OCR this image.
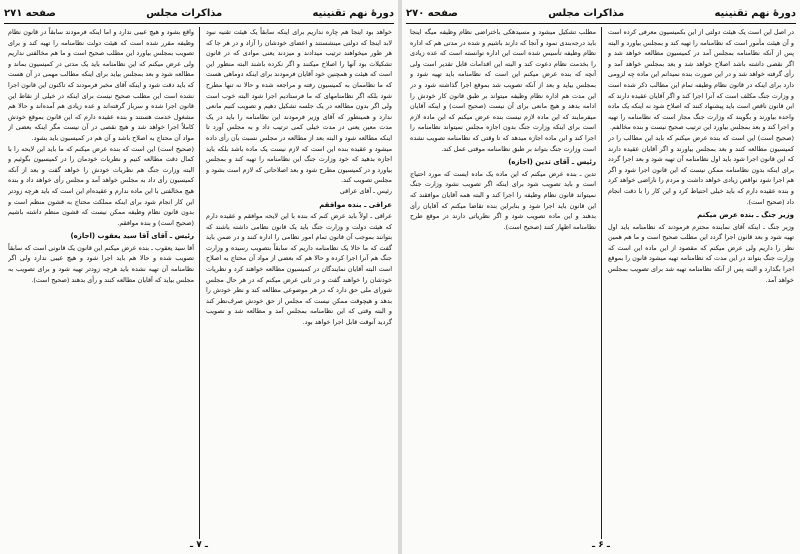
دورهٔ نهم تقنینیه
مذاکرات مجلس
صفحه ۲۷۱

خواهد بود اینجا هم چاره نداریم برای اینکه سابقاً یک هیئت تقنیه نبود لابد اینجا که دولتی مینشستند و اعضای خودشان را آزاد و در هر جا که هر طور میخواهند ترتیب میدادند و میزدند یعنی موادی که در قانون تشکیلات بود آنها را اصلاح میکنند و اگر نکرده باشند البته منظور این است که هیئت و همچنین خود آقایان فرمودند برای اینکه دوماهی هست که ما نظاممان به کمیسیون رفته و مراجعه شده و حالا نه تنها مطرح شود بلکه اگر نظامنامهای که ما فرستادیم اجرا شود البته خوب است ولی اگر بدون مطالعه در یک جلسه تشکیل دهیم و تصویب کنیم مانعی ندارد و همینطور که آقای وزیر فرمودند این نظامنامه را باید در یک مدت معین یعنی در مدت خیلی کمی ترتیب داد و به مجلس آورد تا اینکه مطالعه شود و البته بعد از مطالعه در مجلس نسبت بآن رأی داده میشود و عقیده بنده این است که لازم نیست یک ماده باشد بلکه باید اجازه بدهید که خود وزارت جنگ این نظامنامه را تهیه کند و بمجلس بیاورد و در کمیسیون مطرح شود و بعد اصلاحاتی که لازم است بشود و مجلس تصویب کند.

رئیس ـ آقای عراقی

عراقی ـ بنده موافقم

عراقی ـ اولاً باید عرض کنم که بنده با این لایحه موافقم و عقیده دارم که هیئت دولت و وزارت جنگ باید یک قانون نظامی داشته باشند که بتوانند بموجب آن قانون تمام امور نظامی را اداره کنند و در ضمن باید گفت که ما حالا یک نظامنامه داریم که سابقاً بتصویب رسیده و وزارت جنگ هم آنرا اجرا کرده و حالا هم که بعضی از مواد آن محتاج به اصلاح است البته آقایان نمایندگان در کمیسیون مطالعه خواهند کرد و نظریات خودشان را خواهند گفت و در ثانی عرض میکنم که در هر حال مجلس شورای ملی حق دارد که در هر موضوعی مطالعه کند و نظر خودش را بدهد و هیچوقت ممکن نیست که مجلس از حق خودش صرف‌نظر کند و البته وقتی که این نظامنامه بمجلس آمد و مطالعه شد و تصویب گردید آنوقت قابل اجرا خواهد بود.

واقع بشود و هیچ عیبی ندارد و اما اینکه فرمودند سابقاً در قانون نظام وظیفه مقرر شده است که هیئت دولت نظامنامه را تهیه کند و برای تصویب بمجلس بیاورد این مطلب صحیح است و ما هم مخالفتی نداریم ولی عرض میکنم که این نظامنامه باید یک مدتی در کمیسیون بماند و مطالعه شود و بعد بمجلس بیاید برای اینکه مطالب مهمی در آن هست که باید دقت شود و اینکه آقای مخبر فرمودند که تاکنون این قانون اجرا نشده است این مطلب صحیح نیست برای اینکه در خیلی از نقاط این قانون اجرا شده و سرباز گرفته‌اند و عده زیادی هم آمده‌اند و حالا هم مشغول خدمت هستند و بنده عقیده دارم که این قانون بموقع خودش کاملاً اجرا خواهد شد و هیچ نقصی در آن نیست مگر اینکه بعضی از مواد آن محتاج به اصلاح باشد و آن هم در کمیسیون باید بشود.

(صحیح است) این است که بنده عرض میکنم که ما باید این لایحه را با کمال دقت مطالعه کنیم و نظریات خودمان را در کمیسیون بگوئیم و البته وزارت جنگ هم نظریات خودش را خواهد گفت و بعد از آنکه کمیسیون رأی داد به مجلس خواهد آمد و مجلس رأی خواهد داد و بنده هیچ مخالفتی با این ماده ندارم و عقیده‌ام این است که باید هرچه زودتر این کار انجام شود برای اینکه مملکت محتاج به قشون منظم است و بدون قانون نظام وظیفه ممکن نیست که قشون منظم داشته باشیم (صحیح است) و بنده موافقم.

رئیس ـ آقای آقا سید یعقوب (اجازه)

آقا سید یعقوب ـ بنده عرض میکنم این قانون یک قانونی است که سابقاً تصویب شده و حالا هم باید اجرا شود و هیچ عیبی ندارد ولی اگر نظامنامه آن تهیه نشده باید هرچه زودتر تهیه شود و برای تصویب به مجلس بیاید که آقایان مطالعه کنند و رأی بدهند (صحیح است).

ـ ۷ ـ
دورهٔ نهم تقنینیه
مذاکرات مجلس
صفحه ۲۷۰

در اصل این است یک هیئت دولتی از این بکمیسیون معرفی کرده است و آن هیئت مأمور است که نظامنامه را تهیه کند و بمجلس بیاورد و البته پس از آنکه نظامنامه بمجلس آمد در کمیسیون مطالعه خواهد شد و اگر نقصی داشته باشد اصلاح خواهد شد و بعد بمجلس خواهد آمد و رأی گرفته خواهد شد و در این صورت بنده نمیدانم این ماده چه لزومی دارد برای اینکه در قانون نظام وظیفه تمام این مطالب ذکر شده است و وزارت جنگ مکلف است که آنرا اجرا کند و اگر آقایان عقیده دارند که این قانون ناقص است باید پیشنهاد کنند که اصلاح شود نه اینکه یک ماده واحده بیاورند و بگویند که وزارت جنگ مجاز است که نظامنامه را تهیه و اجرا کند و بعد بمجلس بیاورد این ترتیب صحیح نیست و بنده مخالفم.

(صحیح است) این است که بنده عرض میکنم که باید این مطالب را در کمیسیون مطالعه کنند و بعد بمجلس بیاورند و اگر آقایان عقیده دارند که این قانون اجرا شود باید اول نظامنامه آن تهیه شود و بعد اجرا گردد برای اینکه بدون نظامنامه ممکن نیست که این قانون اجرا شود و اگر هم اجرا شود نواقص زیادی خواهد داشت و مردم را ناراضی خواهد کرد و بنده عقیده دارم که باید خیلی احتیاط کرد و این کار را با دقت انجام داد (صحیح است).

وزیر جنگ ـ بنده عرض میکنم

وزیر جنگ ـ اینکه آقای نماینده محترم فرمودند که نظامنامه باید اول تهیه شود و بعد قانون اجرا گردد این مطلب صحیح است و ما هم همین نظر را داریم ولی عرض میکنم که مقصود از این ماده این است که وزارت جنگ بتواند در این مدت که نظامنامه تهیه میشود قانون را بموقع اجرا بگذارد و البته پس از آنکه نظامنامه تهیه شد برای تصویب بمجلس خواهد آمد.

مطلب تشکیل میشود و مسیدهکی باختراضی نظام وظیفه میگه اینجا باید درجه‌بندی نمود و آنجا که دارند باشیم و شده در مدتی هم که اداره نظام وظیفه تأسیس شده است این اداره توانسته است که عده زیادی را بخدمت نظام دعوت کند و البته این اقدامات قابل تقدیر است ولی آنچه که بنده عرض میکنم این است که نظامنامه باید تهیه شود و بمجلس بیاید و بعد از آنکه تصویب شد بموقع اجرا گذاشته شود و در این مدت هم اداره نظام وظیفه میتواند بر طبق قانون کار خودش را ادامه بدهد و هیچ مانعی برای آن نیست (صحیح است) و اینکه آقایان میفرمایند که این ماده لازم نیست بنده عرض میکنم که این ماده لازم است برای اینکه وزارت جنگ بدون اجازه مجلس نمیتواند نظامنامه را اجرا کند و این ماده اجازه میدهد که تا وقتی که نظامنامه تصویب نشده است وزارت جنگ بتواند بر طبق نظامنامه موقتی عمل کند.

رئیس ـ آقای تدین (اجازه)

تدین ـ بنده عرض میکنم که این ماده یک ماده ایست که مورد احتیاج است و باید تصویب شود برای اینکه اگر تصویب نشود وزارت جنگ نمیتواند قانون نظام وظیفه را اجرا کند و البته همه آقایان موافقند که این قانون باید اجرا شود و بنابراین بنده تقاضا میکنم که آقایان رأی بدهند و این ماده تصویب شود و اگر نظریاتی دارند در موقع طرح نظامنامه اظهار کنند (صحیح است).

ـ ۶ ـ
